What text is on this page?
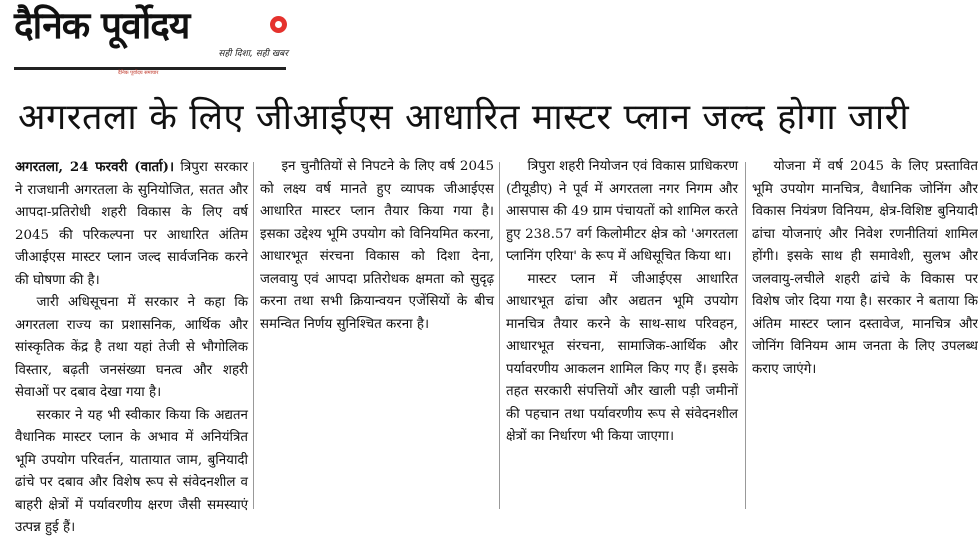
दैनिक पूर्वोदय
सही दिशा, सही खबर
दैनिक पूर्वोदय समाचार
अगरतला के लिए जीआईएस आधारित मास्टर प्लान जल्द होगा जारी

अगरतला, 24 फरवरी (वार्ता)। त्रिपुरा सरकार ने राजधानी अगरतला के सुनियोजित, सतत और आपदा-प्रतिरोधी शहरी विकास के लिए वर्ष 2045 की परिकल्पना पर आधारित अंतिम जीआईएस मास्टर प्लान जल्द सार्वजनिक करने की घोषणा की है।

जारी अधिसूचना में सरकार ने कहा कि अगरतला राज्य का प्रशासनिक, आर्थिक और सांस्कृतिक केंद्र है तथा यहां तेजी से भौगोलिक विस्तार, बढ़ती जनसंख्या घनत्व और शहरी सेवाओं पर दबाव देखा गया है।

सरकार ने यह भी स्वीकार किया कि अद्यतन वैधानिक मास्टर प्लान के अभाव में अनियंत्रित भूमि उपयोग परिवर्तन, यातायात जाम, बुनियादी ढांचे पर दबाव और विशेष रूप से संवेदनशील व बाहरी क्षेत्रों में पर्यावरणीय क्षरण जैसी समस्याएं उत्पन्न हुई हैं।

इन चुनौतियों से निपटने के लिए वर्ष 2045 को लक्ष्य वर्ष मानते हुए व्यापक जीआईएस आधारित मास्टर प्लान तैयार किया गया है। इसका उद्देश्य भूमि उपयोग को विनियमित करना, आधारभूत संरचना विकास को दिशा देना, जलवायु एवं आपदा प्रतिरोधक क्षमता को सुदृढ़ करना तथा सभी क्रियान्वयन एजेंसियों के बीच समन्वित निर्णय सुनिश्चित करना है।

त्रिपुरा शहरी नियोजन एवं विकास प्राधिकरण (टीयूडीए) ने पूर्व में अगरतला नगर निगम और आसपास की 49 ग्राम पंचायतों को शामिल करते हुए 238.57 वर्ग किलोमीटर क्षेत्र को 'अगरतला प्लानिंग एरिया' के रूप में अधिसूचित किया था।

मास्टर प्लान में जीआईएस आधारित आधारभूत ढांचा और अद्यतन भूमि उपयोग मानचित्र तैयार करने के साथ-साथ परिवहन, आधारभूत संरचना, सामाजिक-आर्थिक और पर्यावरणीय आकलन शामिल किए गए हैं। इसके तहत सरकारी संपत्तियों और खाली पड़ी जमीनों की पहचान तथा पर्यावरणीय रूप से संवेदनशील क्षेत्रों का निर्धारण भी किया जाएगा।

योजना में वर्ष 2045 के लिए प्रस्तावित भूमि उपयोग मानचित्र, वैधानिक जोनिंग और विकास नियंत्रण विनियम, क्षेत्र-विशिष्ट बुनियादी ढांचा योजनाएं और निवेश रणनीतियां शामिल होंगी। इसके साथ ही समावेशी, सुलभ और जलवायु-लचीले शहरी ढांचे के विकास पर विशेष जोर दिया गया है। सरकार ने बताया कि अंतिम मास्टर प्लान दस्तावेज, मानचित्र और जोनिंग विनियम आम जनता के लिए उपलब्ध कराए जाएंगे।
